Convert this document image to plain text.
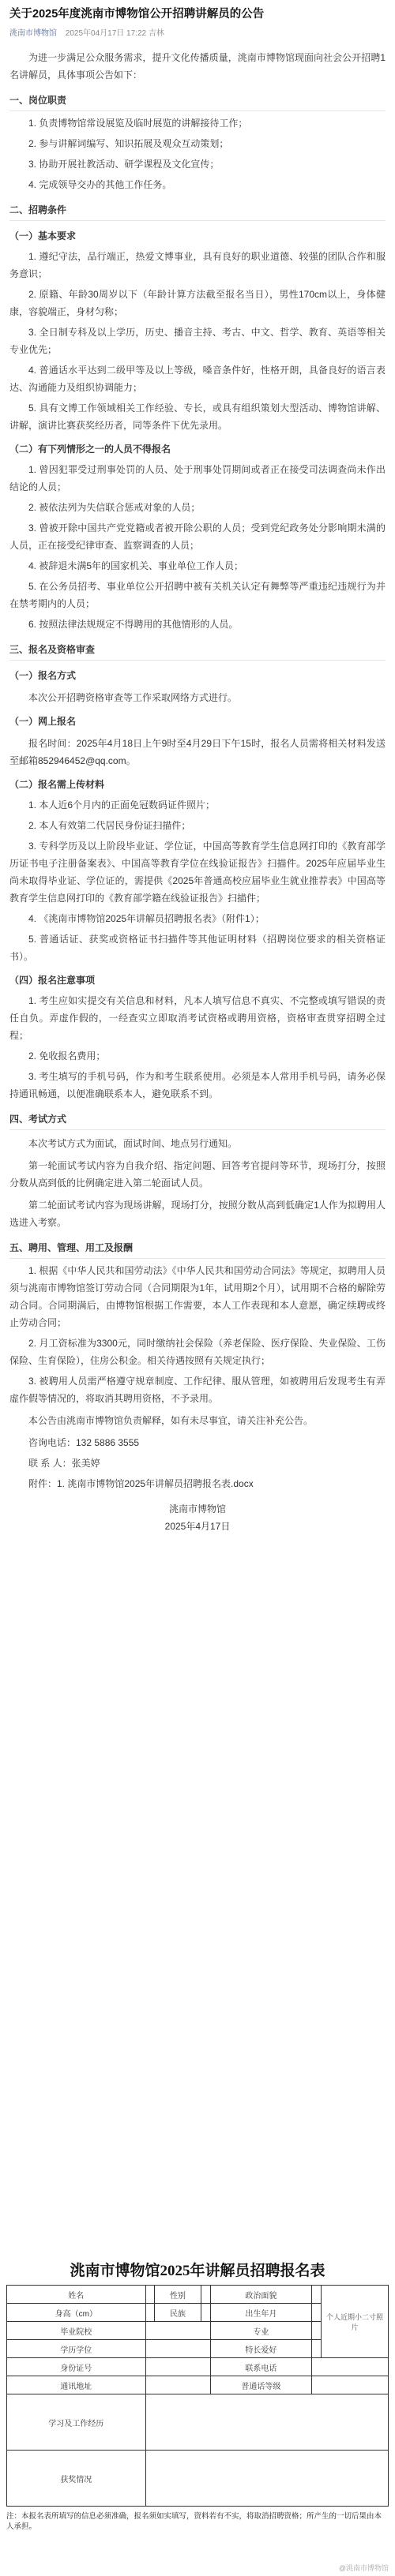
关于2025年度洮南市博物馆公开招聘讲解员的公告
洮南市博物馆 2025年04月17日 17:22 吉林

为进一步满足公众服务需求，提升文化传播质量，洮南市博物馆现面向社会公开招聘1名讲解员，具体事项公告如下：

一、岗位职责

1. 负责博物馆常设展览及临时展览的讲解接待工作；

2. 参与讲解词编写、知识拓展及观众互动策划；

3. 协助开展社教活动、研学课程及文化宣传；

4. 完成领导交办的其他工作任务。

二、招聘条件
（一）基本要求

1. 遵纪守法，品行端正，热爱文博事业，具有良好的职业道德、较强的团队合作和服务意识；

2. 原籍、年龄30周岁以下（年龄计算方法截至报名当日），男性170cm以上，身体健康，容貌端正，身材匀称；

3. 全日制专科及以上学历，历史、播音主持、考古、中文、哲学、教育、英语等相关专业优先；

4. 普通话水平达到二级甲等及以上等级，嗓音条件好，性格开朗，具备良好的语言表达、沟通能力及组织协调能力；

5. 具有文博工作领域相关工作经验、专长，或具有组织策划大型活动、博物馆讲解、讲解，演讲比赛获奖经历者，同等条件下优先录用。

（二）有下列情形之一的人员不得报名

1. 曾因犯罪受过刑事处罚的人员、处于刑事处罚期间或者正在接受司法调查尚未作出结论的人员；

2. 被依法列为失信联合惩戒对象的人员；

3. 曾被开除中国共产党党籍或者被开除公职的人员；受到党纪政务处分影响期未满的人员，正在接受纪律审查、监察调查的人员；

4. 被辞退未满5年的国家机关、事业单位工作人员；

5. 在公务员招考、事业单位公开招聘中被有关机关认定有舞弊等严重违纪违规行为并在禁考期内的人员；

6. 按照法律法规规定不得聘用的其他情形的人员。

三、报名及资格审查
（一）报名方式

本次公开招聘资格审查等工作采取网络方式进行。

（一）网上报名

报名时间：2025年4月18日上午9时至4月29日下午15时，报名人员需将相关材料发送至邮箱852946452@qq.com。

（二）报名需上传材料

1. 本人近6个月内的正面免冠数码证件照片；

2. 本人有效第二代居民身份证扫描件；

3. 专科学历及以上阶段毕业证、学位证，中国高等教育学生信息网打印的《教育部学历证书电子注册备案表》、中国高等教育学位在线验证报告》扫描件。2025年应届毕业生尚未取得毕业证、学位证的，需提供《2025年普通高校应届毕业生就业推荐表》中国高等教育学生信息网打印的《教育部学籍在线验证报告》扫描件；

4. 《洮南市博物馆2025年讲解员招聘报名表》（附件1）；

5. 普通话证、获奖或资格证书扫描件等其他证明材料（招聘岗位要求的相关资格证书）。

（四）报名注意事项

1. 考生应如实提交有关信息和材料，凡本人填写信息不真实、不完整或填写错误的责任自负。弄虚作假的，一经查实立即取消考试资格或聘用资格，资格审查贯穿招聘全过程；

2. 免收报名费用；

3. 考生填写的手机号码，作为和考生联系使用。必须是本人常用手机号码，请务必保持通讯畅通，以便准确联系本人，避免联系不到。

四、考试方式

本次考试方式为面试，面试时间、地点另行通知。

第一轮面试考试内容为自我介绍、指定问题、回答考官提问等环节，现场打分，按照分数从高到低的比例确定进入第二轮面试人员。

第二轮面试考试内容为现场讲解，现场打分，按照分数从高到低确定1人作为拟聘用人选进入考察。

五、聘用、管理、用工及报酬

1. 根据《中华人民共和国劳动法》《中华人民共和国劳动合同法》等规定，拟聘用人员须与洮南市博物馆签订劳动合同（合同期限为1年，试用期2个月），试用期不合格的解除劳动合同。合同期满后，由博物馆根据工作需要，本人工作表现和本人意愿，确定续聘或终止劳动合同；

2. 月工资标准为3300元，同时缴纳社会保险（养老保险、医疗保险、失业保险、工伤保险、生育保险），住房公积金。相关待遇按照有关规定执行；

3. 被聘用人员需严格遵守规章制度、工作纪律、服从管理，如被聘用后发现考生有弄虚作假等情况的，将取消其聘用资格，不予录用。

本公告由洮南市博物馆负责解释，如有未尽事宜，请关注补充公告。

咨询电话：132 5886 3555

联 系 人：张美婷

附件：1. 洮南市博物馆2025年讲解员招聘报名表.docx

洮南市博物馆
2025年4月17日
洮南市博物馆2025年讲解员招聘报名表
姓名		性别		政治面貌		个人近期小二寸照片
身高（cm）		民族		出生年月		
毕业院校				专业		
学历学位				特长爱好		
身份证号				联系电话		
通讯地址				普通话等级		
学习及工作经历						
获奖情况						
注：本报名表所填写的信息必须准确，报名须如实填写，资料若有不实，将取消招聘资格；所产生的一切后果由本人承担。
@洮南市博物馆
